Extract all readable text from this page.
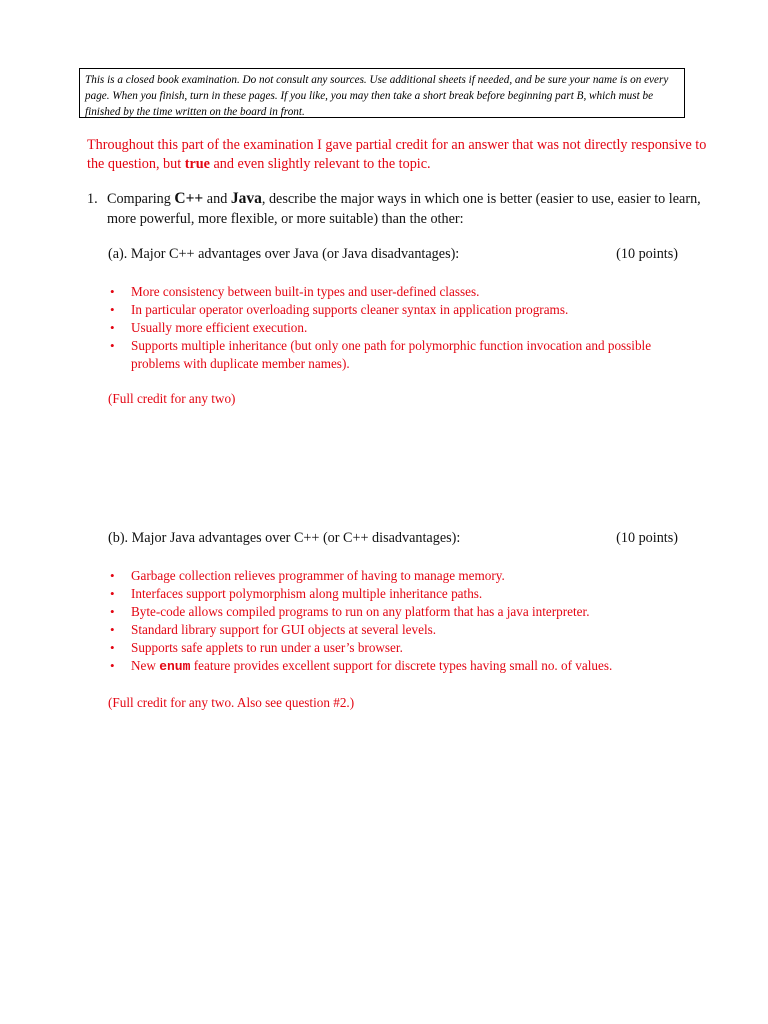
This is a closed book examination. Do not consult any sources. Use additional sheets if needed, and be sure your name is on every page. When you finish, turn in these pages. If you like, you may then take a short break before beginning part B, which must be finished by the time written on the board in front.
Throughout this part of the examination I gave partial credit for an answer that was not directly responsive to the question, but true and even slightly relevant to the topic.
1. Comparing C++ and Java, describe the major ways in which one is better (easier to use, easier to learn, more powerful, more flexible, or more suitable) than the other:
(a). Major C++ advantages over Java (or Java disadvantages):	(10 points)
• More consistency between built-in types and user-defined classes.
• In particular operator overloading supports cleaner syntax in application programs.
• Usually more efficient execution.
• Supports multiple inheritance (but only one path for polymorphic function invocation and possible problems with duplicate member names).
(Full credit for any two)
(b). Major Java advantages over C++ (or C++ disadvantages):	(10 points)
• Garbage collection relieves programmer of having to manage memory.
• Interfaces support polymorphism along multiple inheritance paths.
• Byte-code allows compiled programs to run on any platform that has a java interpreter.
• Standard library support for GUI objects at several levels.
• Supports safe applets to run under a user’s browser.
• New enum feature provides excellent support for discrete types having small no. of values.
(Full credit for any two. Also see question #2.)
